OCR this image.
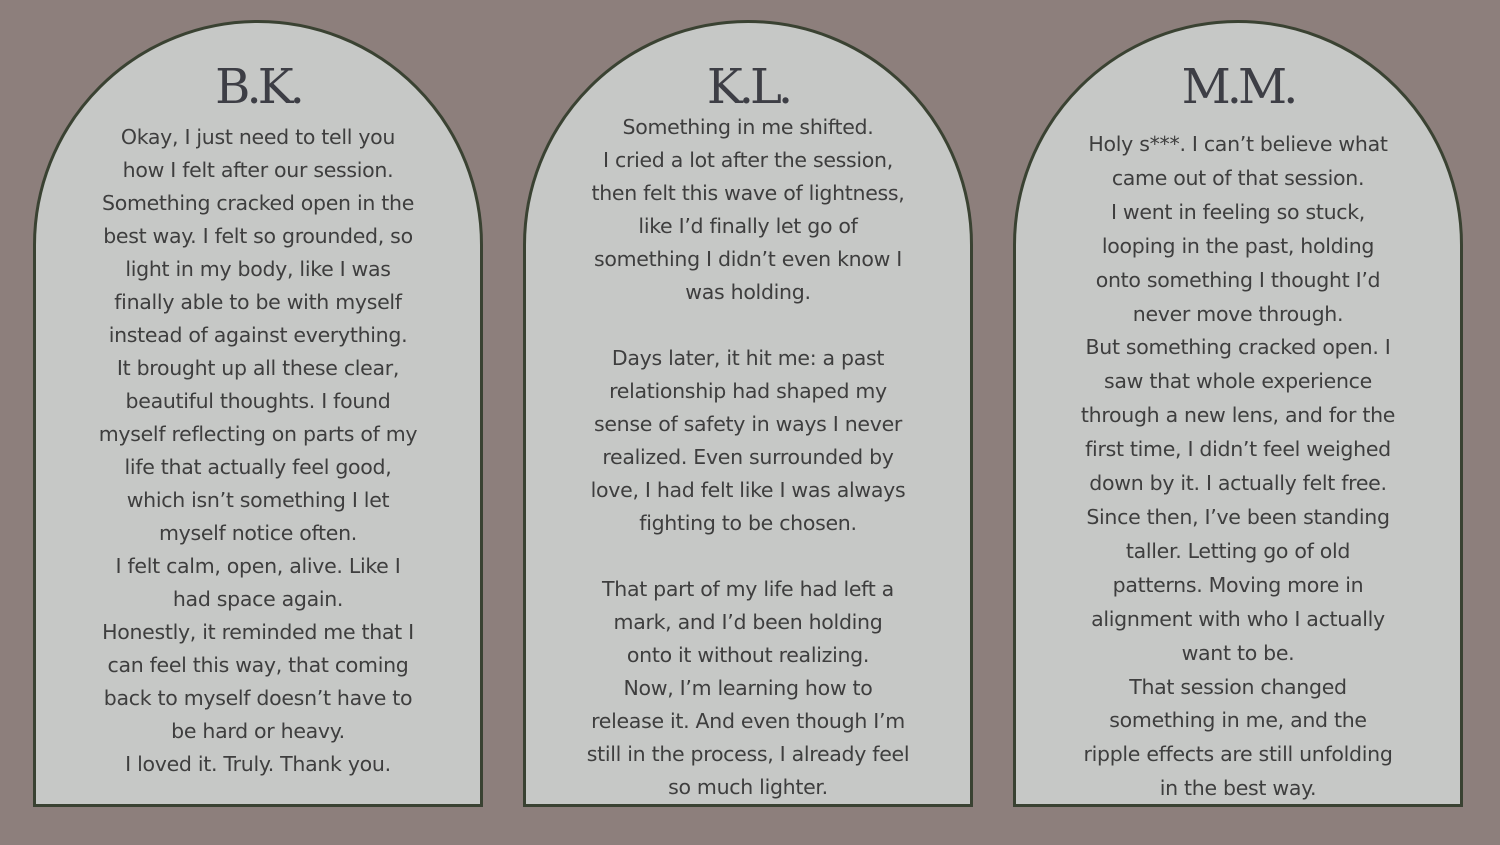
B.K.
Okay, I just need to tell you
how I felt after our session.
Something cracked open in the
best way. I felt so grounded, so
light in my body, like I was
finally able to be with myself
instead of against everything.
It brought up all these clear,
beautiful thoughts. I found
myself reflecting on parts of my
life that actually feel good,
which isn’t something I let
myself notice often.
I felt calm, open, alive. Like I
had space again.
Honestly, it reminded me that I
can feel this way, that coming
back to myself doesn’t have to
be hard or heavy.
I loved it. Truly. Thank you.
K.L.
Something in me shifted.
I cried a lot after the session,
then felt this wave of lightness,
like I’d finally let go of
something I didn’t even know I
was holding.
Days later, it hit me: a past
relationship had shaped my
sense of safety in ways I never
realized. Even surrounded by
love, I had felt like I was always
fighting to be chosen.
That part of my life had left a
mark, and I’d been holding
onto it without realizing.
Now, I’m learning how to
release it. And even though I’m
still in the process, I already feel
so much lighter.
M.M.
Holy s***. I can’t believe what
came out of that session.
I went in feeling so stuck,
looping in the past, holding
onto something I thought I’d
never move through.
But something cracked open. I
saw that whole experience
through a new lens, and for the
first time, I didn’t feel weighed
down by it. I actually felt free.
Since then, I’ve been standing
taller. Letting go of old
patterns. Moving more in
alignment with who I actually
want to be.
That session changed
something in me, and the
ripple effects are still unfolding
in the best way.
